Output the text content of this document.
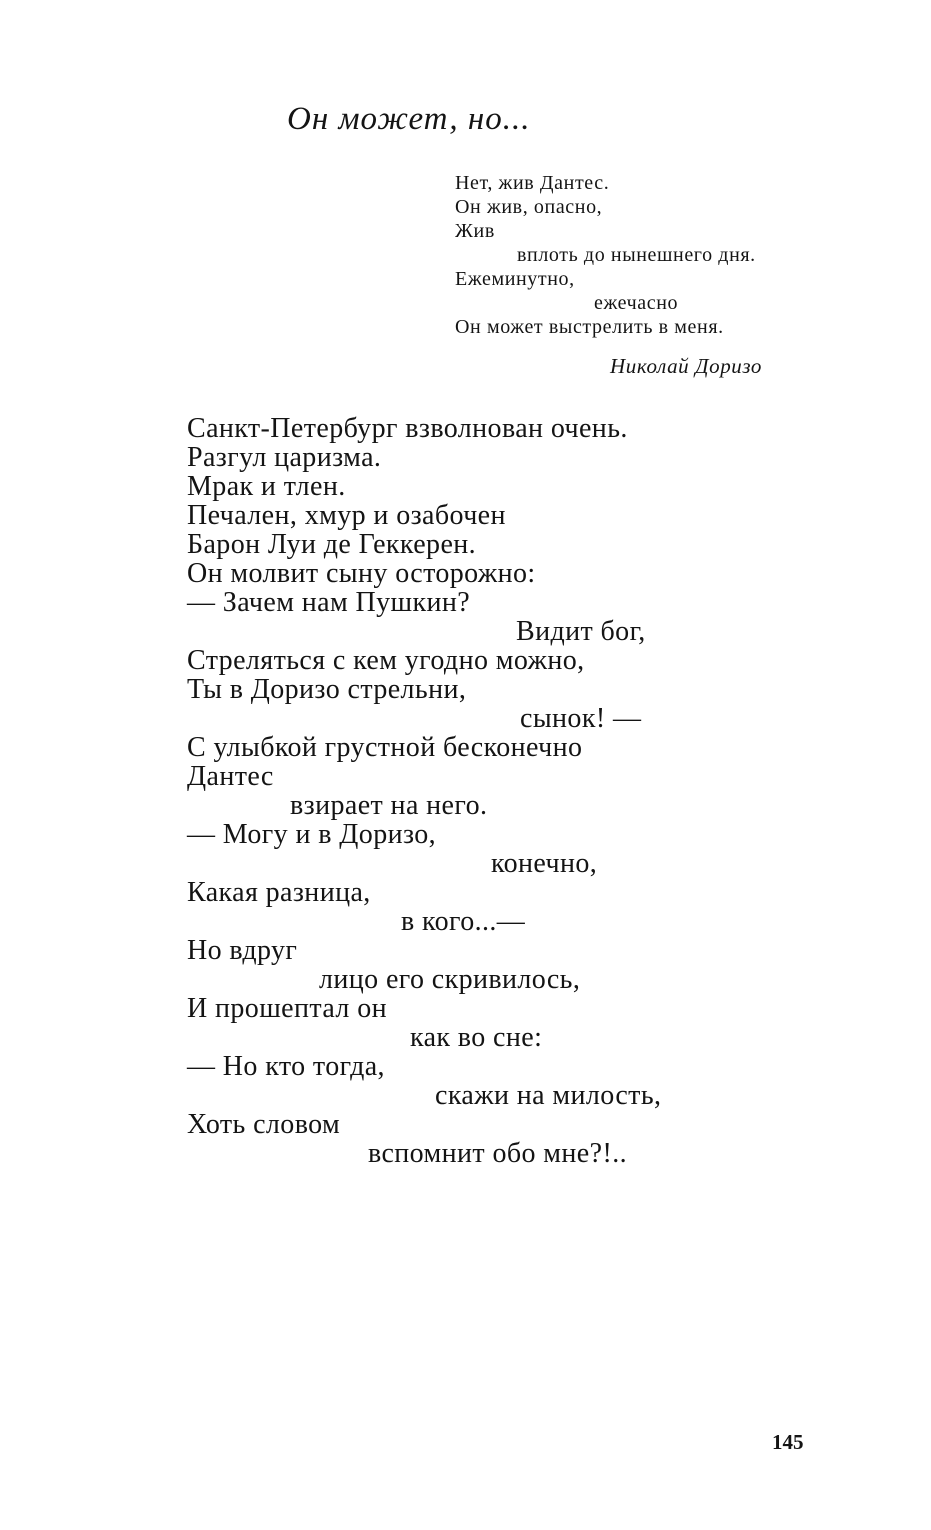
Он может, но...
Нет, жив Дантес.
Он жив, опасно,
Жив
вплоть до нынешнего дня.
Ежеминутно,
ежечасно
Он может выстрелить в меня.
Николай Доризо
Санкт-Петербург взволнован очень.
Разгул царизма.
Мрак и тлен.
Печален, хмур и озабочен
Барон Луи де Геккерен.
Он молвит сыну осторожно:
— Зачем нам Пушкин?
Видит бог,
Стреляться с кем угодно можно,
Ты в Доризо стрельни,
сынок! —
С улыбкой грустной бесконечно
Дантес
взирает на него.
— Могу и в Доризо,
конечно,
Какая разница,
в кого...—
Но вдруг
лицо его скривилось,
И прошептал он
как во сне:
— Но кто тогда,
скажи на милость,
Хоть словом
вспомнит обо мне?!..
145
